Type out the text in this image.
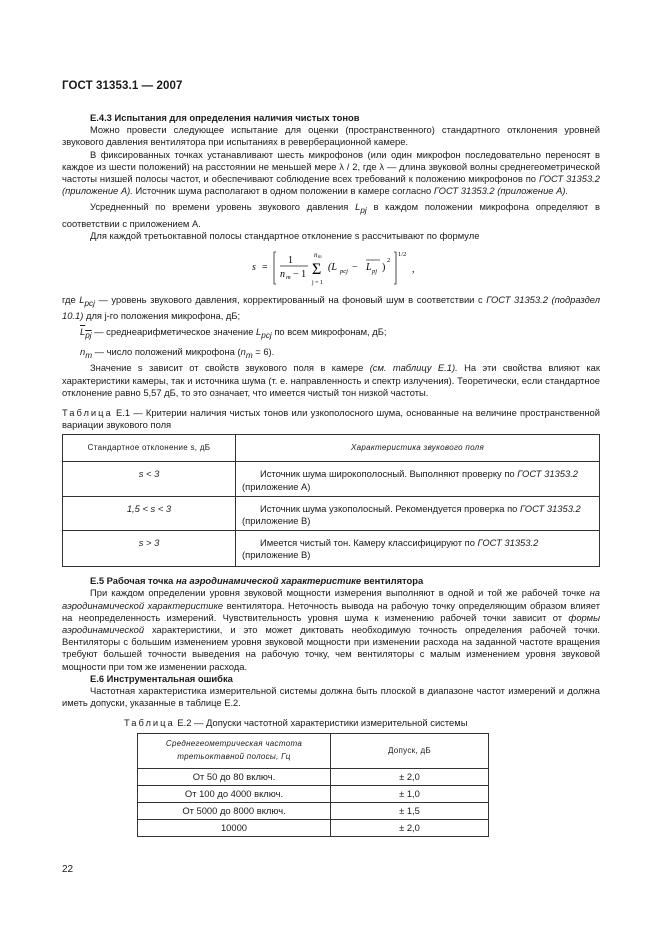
ГОСТ 31353.1 — 2007

E.4.3 Испытания для определения наличия чистых тонов

Можно провести следующее испытание для оценки (пространственного) стандартного отклонения уровней звукового давления вентилятора при испытаниях в реверберационной камере.

В фиксированных точках устанавливают шесть микрофонов (или один микрофон последовательно переносят в каждое из шести положений) на расстоянии не меньшей мере λ / 2, где λ — длина звуковой волны среднегеометрической частоты низшей полосы частот, и обеспечивают соблюдение всех требований к положению микрофонов по ГОСТ 31353.2 (приложение А). Источник шума располагают в одном положении в камере согласно ГОСТ 31353.2 (приложение А).

Усредненный по времени уровень звукового давления $L_{pj}$ в каждом положении микрофона определяют в соответствии с приложением А.

Для каждой третьоктавной полосы стандартное отклонение s рассчитывают по формуле

s =
1
n m − 1
n m
Σ
j = 1
(L pcj − L pj )
2
1/2
,

где $L_{pcj}$ — уровень звукового давления, корректированный на фоновый шум в соответствии с ГОСТ 31353.2 (подраздел 10.1) для j-го положения микрофона, дБ;

$\overline{L}_{\overline{pj}}$ — среднеарифметическое значение $L_{pcj}$ по всем микрофонам, дБ;

$n_m$ — число положений микрофона $(n_m = 6)$.

Значение s зависит от свойств звукового поля в камере (см. таблицу Е.1). На эти свойства влияют как характеристики камеры, так и источника шума (т. е. направленность и спектр излучения). Теоретически, если стандартное отклонение равно 5,57 дБ, то это означает, что имеется чистый тон низкой частоты.

Таблица Е.1 — Критерии наличия чистых тонов или узкополосного шума, основанные на величине пространственной вариации звукового поля

Стандартное отклонение s, дБ	Характеристика звукового поля
s < 3	Источник шума широкополосный. Выполняют проверку по ГОСТ 31353.2 (приложение А)
1,5 < s < 3	Источник шума узкополосный. Рекомендуется проверка по ГОСТ 31353.2 (приложение В)
s > 3	Имеется чистый тон. Камеру классифицируют по ГОСТ 31353.2 (приложение В)

Е.5 Рабочая точка на аэродинамической характеристике вентилятора

При каждом определении уровня звуковой мощности измерения выполняют в одной и той же рабочей точке на аэродинамической характеристике вентилятора. Неточность вывода на рабочую точку определяющим образом влияет на неопределенность измерений. Чувствительность уровня шума к изменению рабочей точки зависит от формы аэродинамической характеристики, и это может диктовать необходимую точность определения рабочей точки. Вентиляторы с большим изменением уровня звуковой мощности при изменении расхода на заданной частоте вращения требуют большей точности выведения на рабочую точку, чем вентиляторы с малым изменением уровня звуковой мощности при том же изменении расхода.

Е.6 Инструментальная ошибка

Частотная характеристика измерительной системы должна быть плоской в диапазоне частот измерений и должна иметь допуски, указанные в таблице Е.2.

Таблица Е.2 — Допуски частотной характеристики измерительной системы

Среднегеометрическая частота третьоктавной полосы, Гц	Допуск, дБ
От 50 до 80 включ.	± 2,0
От 100 до 4000 включ.	± 1,0
От 5000 до 8000 включ.	± 1,5
10000	± 2,0
22
